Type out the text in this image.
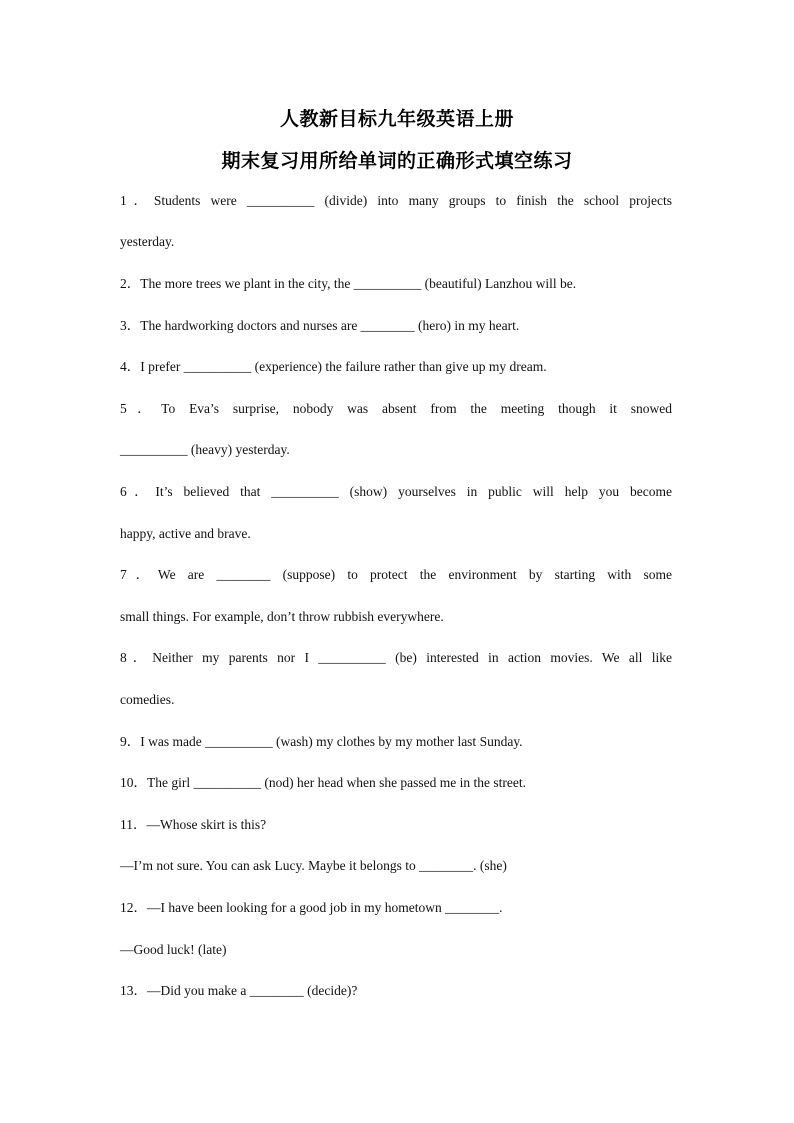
人教新目标九年级英语上册
期末复习用所给单词的正确形式填空练习
1．Students were __________ (divide) into many groups to finish the school projects
yesterday.
2．The more trees we plant in the city, the __________ (beautiful) Lanzhou will be.
3．The hardworking doctors and nurses are ________ (hero) in my heart.
4．I prefer __________ (experience) the failure rather than give up my dream.
5．To Eva’s surprise, nobody was absent from the meeting though it snowed
__________ (heavy) yesterday.
6．It’s believed that __________ (show) yourselves in public will help you become
happy, active and brave.
7．We are ________ (suppose) to protect the environment by starting with some
small things. For example, don’t throw rubbish everywhere.
8．Neither my parents nor I __________ (be) interested in action movies. We all like
comedies.
9．I was made __________ (wash) my clothes by my mother last Sunday.
10．The girl __________ (nod) her head when she passed me in the street.
11．—Whose skirt is this?
—I’m not sure. You can ask Lucy. Maybe it belongs to ________. (she)
12．—I have been looking for a good job in my hometown ________.
—Good luck! (late)
13．—Did you make a ________ (decide)?
